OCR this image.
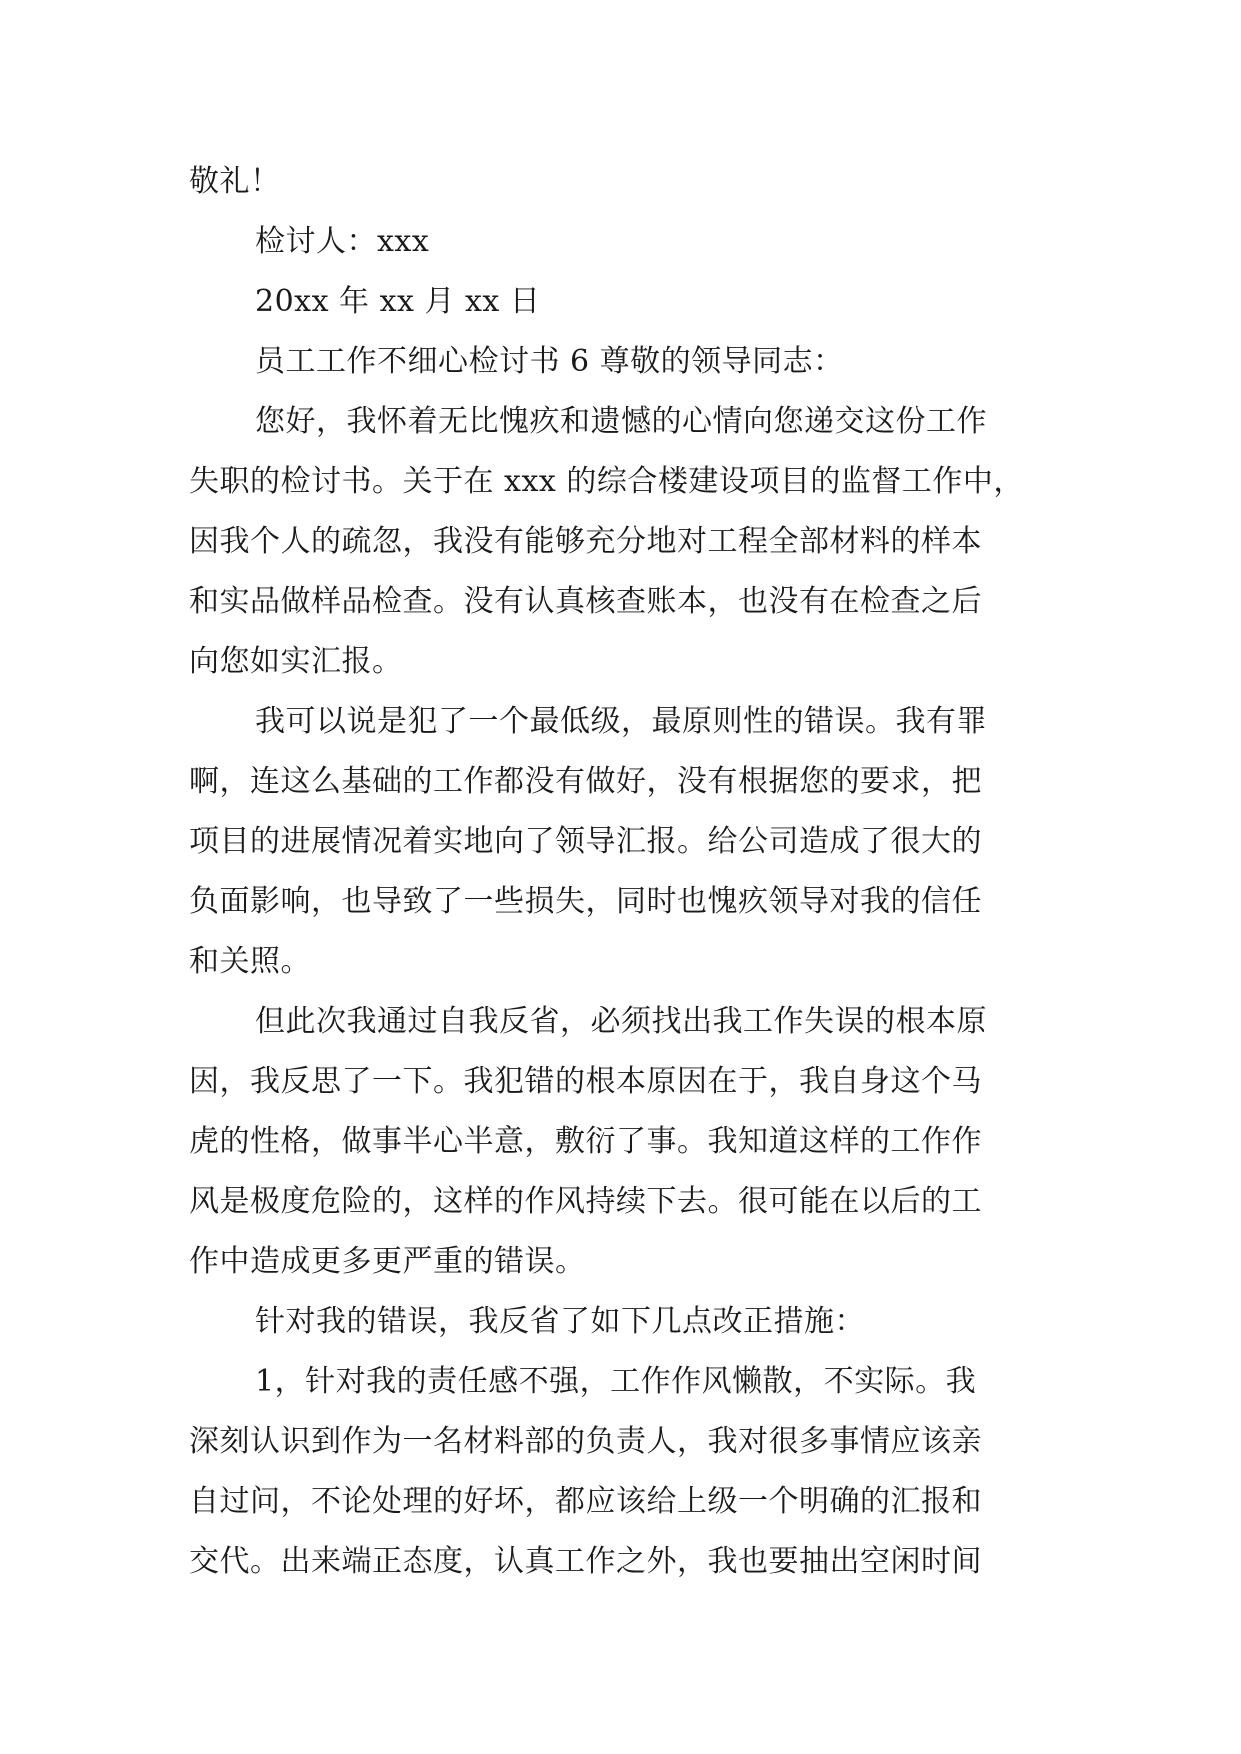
敬礼！
检讨人：xxx
20xx 年 xx 月 xx 日
员工工作不细心检讨书 6 尊敬的领导同志：
您好，我怀着无比愧疚和遗憾的心情向您递交这份工作
失职的检讨书。关于在 xxx 的综合楼建设项目的监督工作中，
因我个人的疏忽，我没有能够充分地对工程全部材料的样本
和实品做样品检查。没有认真核查账本，也没有在检查之后
向您如实汇报。
我可以说是犯了一个最低级，最原则性的错误。我有罪
啊，连这么基础的工作都没有做好，没有根据您的要求，把
项目的进展情况着实地向了领导汇报。给公司造成了很大的
负面影响，也导致了一些损失，同时也愧疚领导对我的信任
和关照。
但此次我通过自我反省，必须找出我工作失误的根本原
因，我反思了一下。我犯错的根本原因在于，我自身这个马
虎的性格，做事半心半意，敷衍了事。我知道这样的工作作
风是极度危险的，这样的作风持续下去。很可能在以后的工
作中造成更多更严重的错误。
针对我的错误，我反省了如下几点改正措施：
1，针对我的责任感不强，工作作风懒散，不实际。我
深刻认识到作为一名材料部的负责人，我对很多事情应该亲
自过问，不论处理的好坏，都应该给上级一个明确的汇报和
交代。出来端正态度，认真工作之外，我也要抽出空闲时间
